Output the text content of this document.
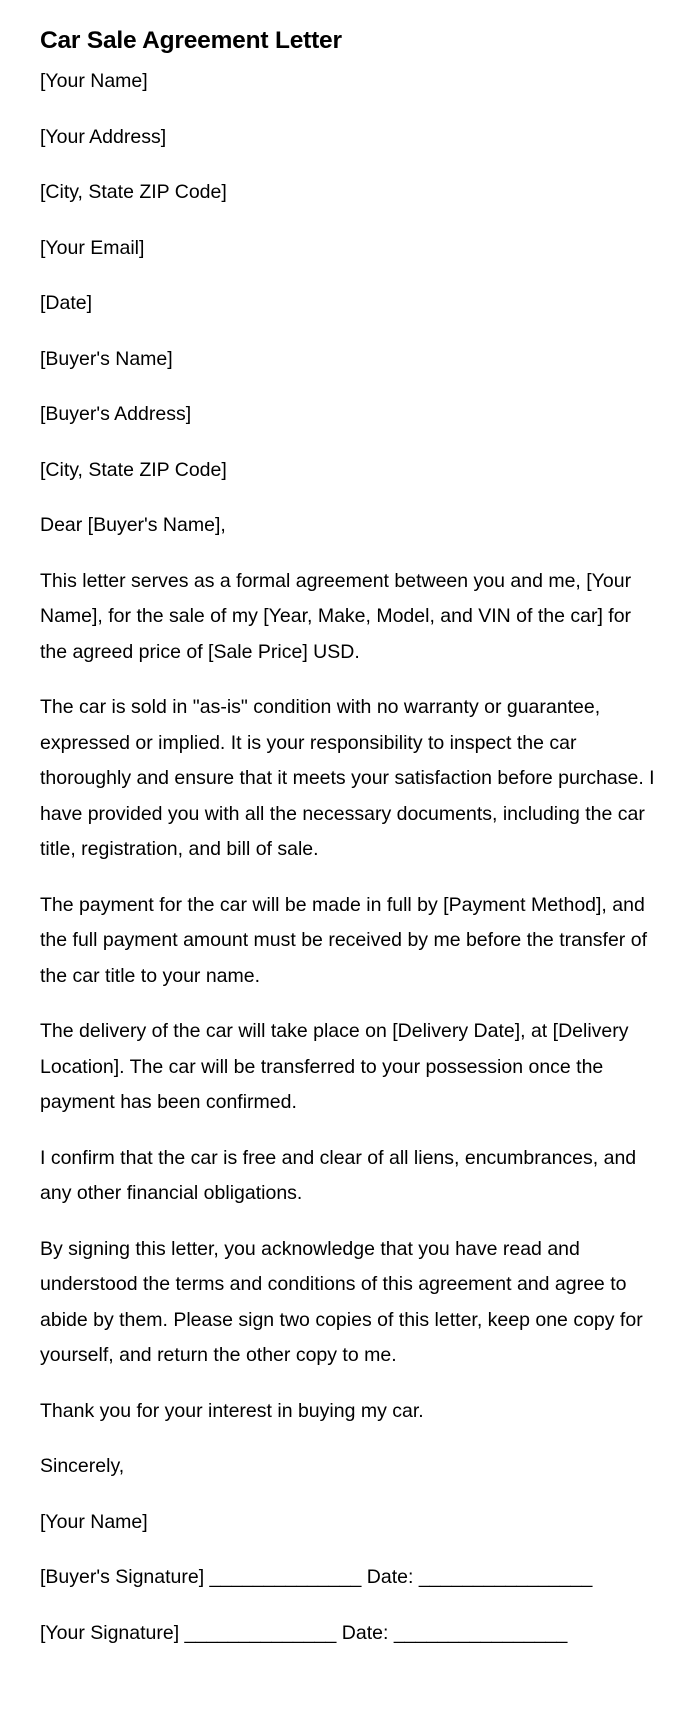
Car Sale Agreement Letter
[Your Name]
[Your Address]
[City, State ZIP Code]
[Your Email]
[Date]
[Buyer's Name]
[Buyer's Address]
[City, State ZIP Code]
Dear [Buyer's Name],
This letter serves as a formal agreement between you and me, [Your Name], for the sale of my [Year, Make, Model, and VIN of the car] for the agreed price of [Sale Price] USD.
The car is sold in "as-is" condition with no warranty or guarantee, expressed or implied. It is your responsibility to inspect the car thoroughly and ensure that it meets your satisfaction before purchase. I have provided you with all the necessary documents, including the car title, registration, and bill of sale.
The payment for the car will be made in full by [Payment Method], and the full payment amount must be received by me before the transfer of the car title to your name.
The delivery of the car will take place on [Delivery Date], at [Delivery Location]. The car will be transferred to your possession once the payment has been confirmed.
I confirm that the car is free and clear of all liens, encumbrances, and any other financial obligations.
By signing this letter, you acknowledge that you have read and understood the terms and conditions of this agreement and agree to abide by them. Please sign two copies of this letter, keep one copy for yourself, and return the other copy to me.
Thank you for your interest in buying my car.
Sincerely,
[Your Name]
[Buyer's Signature] ______________ Date: ________________
[Your Signature] ______________ Date: ________________
